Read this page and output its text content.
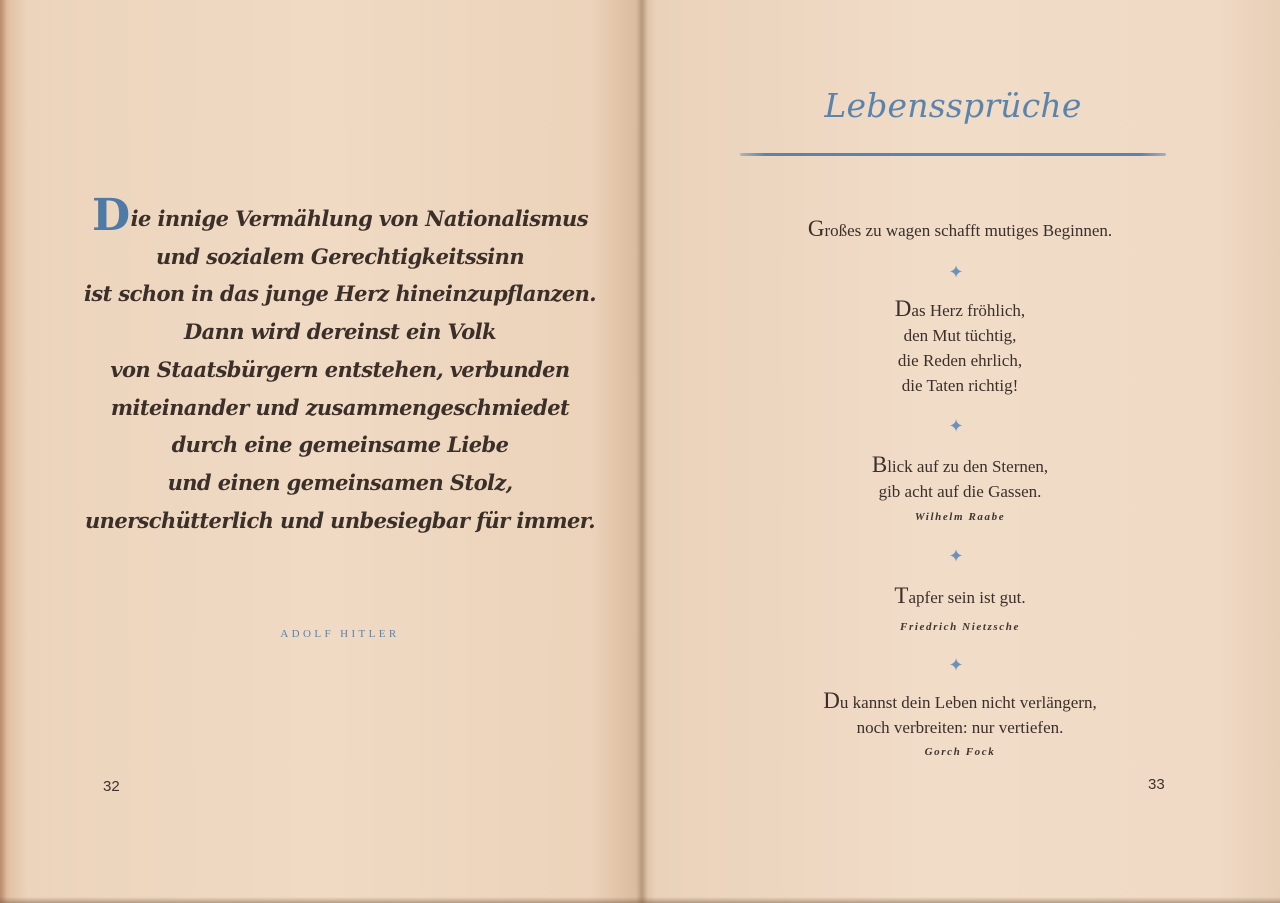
Die innige Vermählung von Nationalismus
und sozialem Gerechtigkeitssinn
ist schon in das junge Herz hineinzupflanzen.
Dann wird dereinst ein Volk
von Staatsbürgern entstehen, verbunden
miteinander und zusammengeschmiedet
durch eine gemeinsame Liebe
und einen gemeinsamen Stolz,
unerschütterlich und unbesiegbar für immer.
ADOLF HITLER
32
Lebenssprüche
Großes zu wagen schafft mutiges Beginnen.
✦
Das Herz fröhlich,
den Mut tüchtig,
die Reden ehrlich,
die Taten richtig!
✦
Blick auf zu den Sternen,
gib acht auf die Gassen.
Wilhelm Raabe
✦
Tapfer sein ist gut.
Friedrich Nietzsche
✦
Du kannst dein Leben nicht verlängern,
noch verbreiten: nur vertiefen.
Gorch Fock
33
